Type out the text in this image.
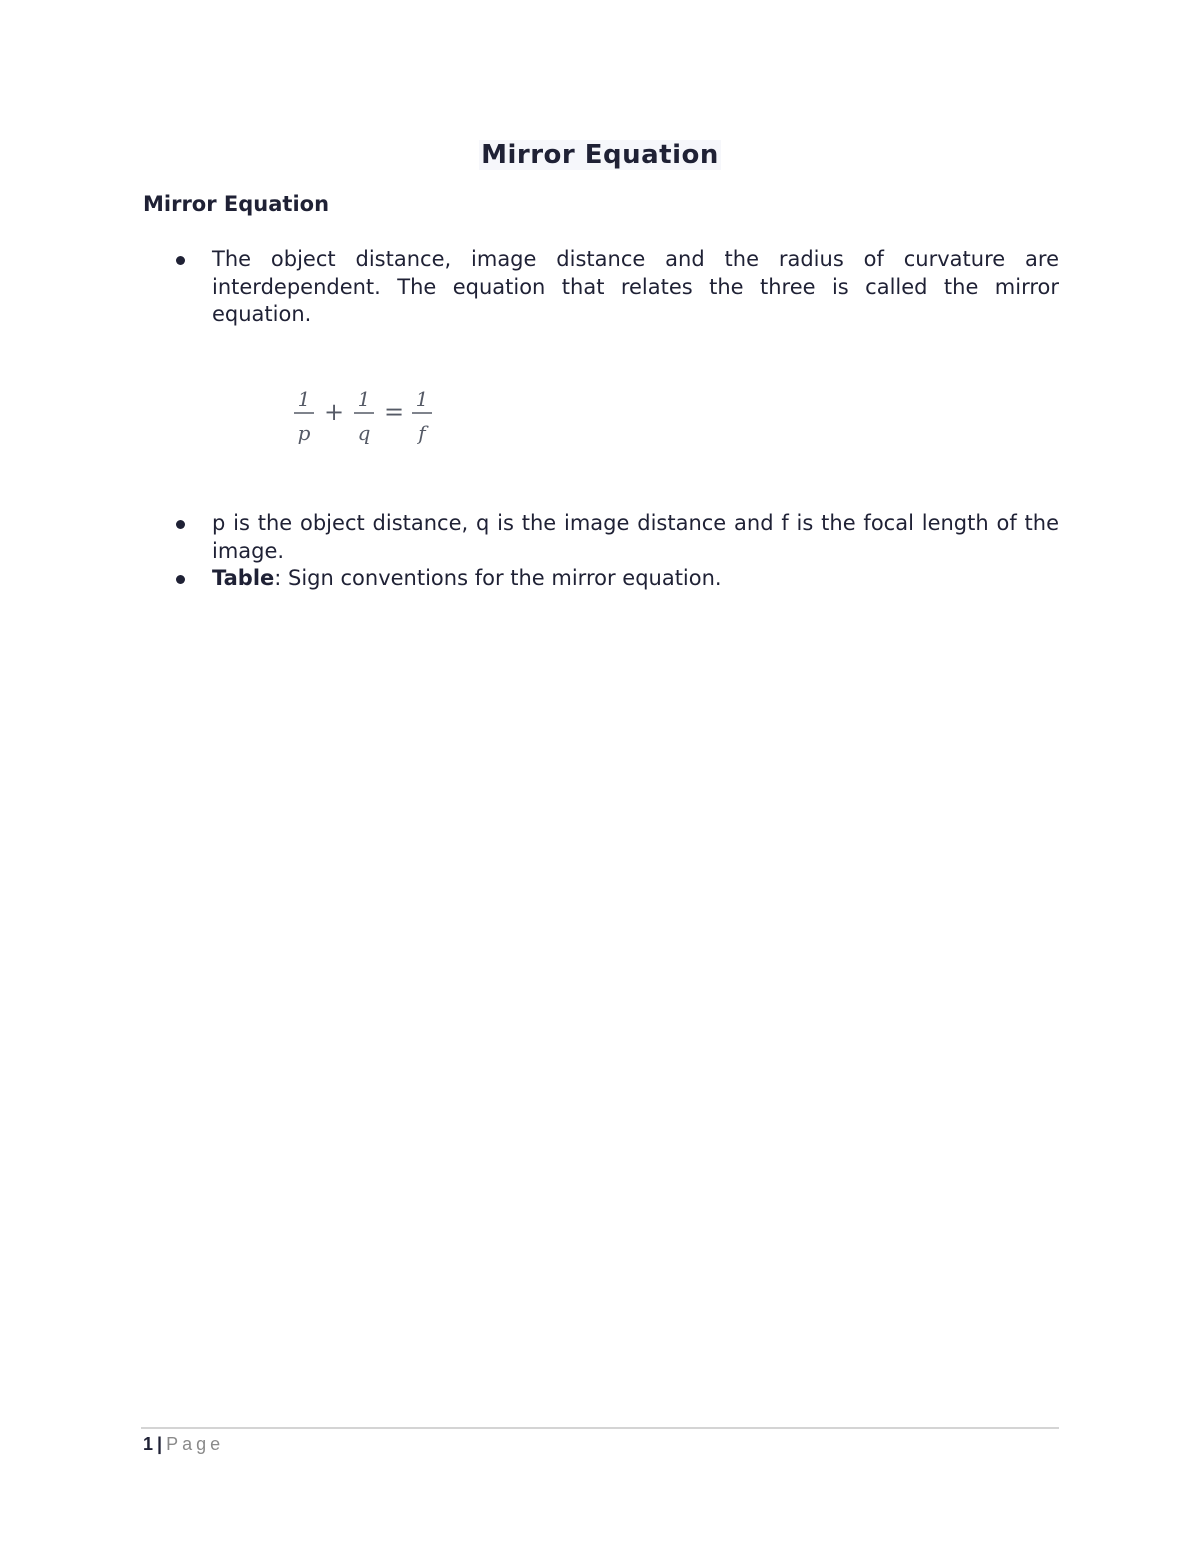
Mirror Equation
Mirror Equation
The object distance, image distance and the radius of curvature are interdependent. The equation that relates the three is called the mirror equation.
1
p
+ 1
q
= 1
f
p is the object distance, q is the image distance and f is the focal length of the image.
Table: Sign conventions for the mirror equation.
1 | Page
